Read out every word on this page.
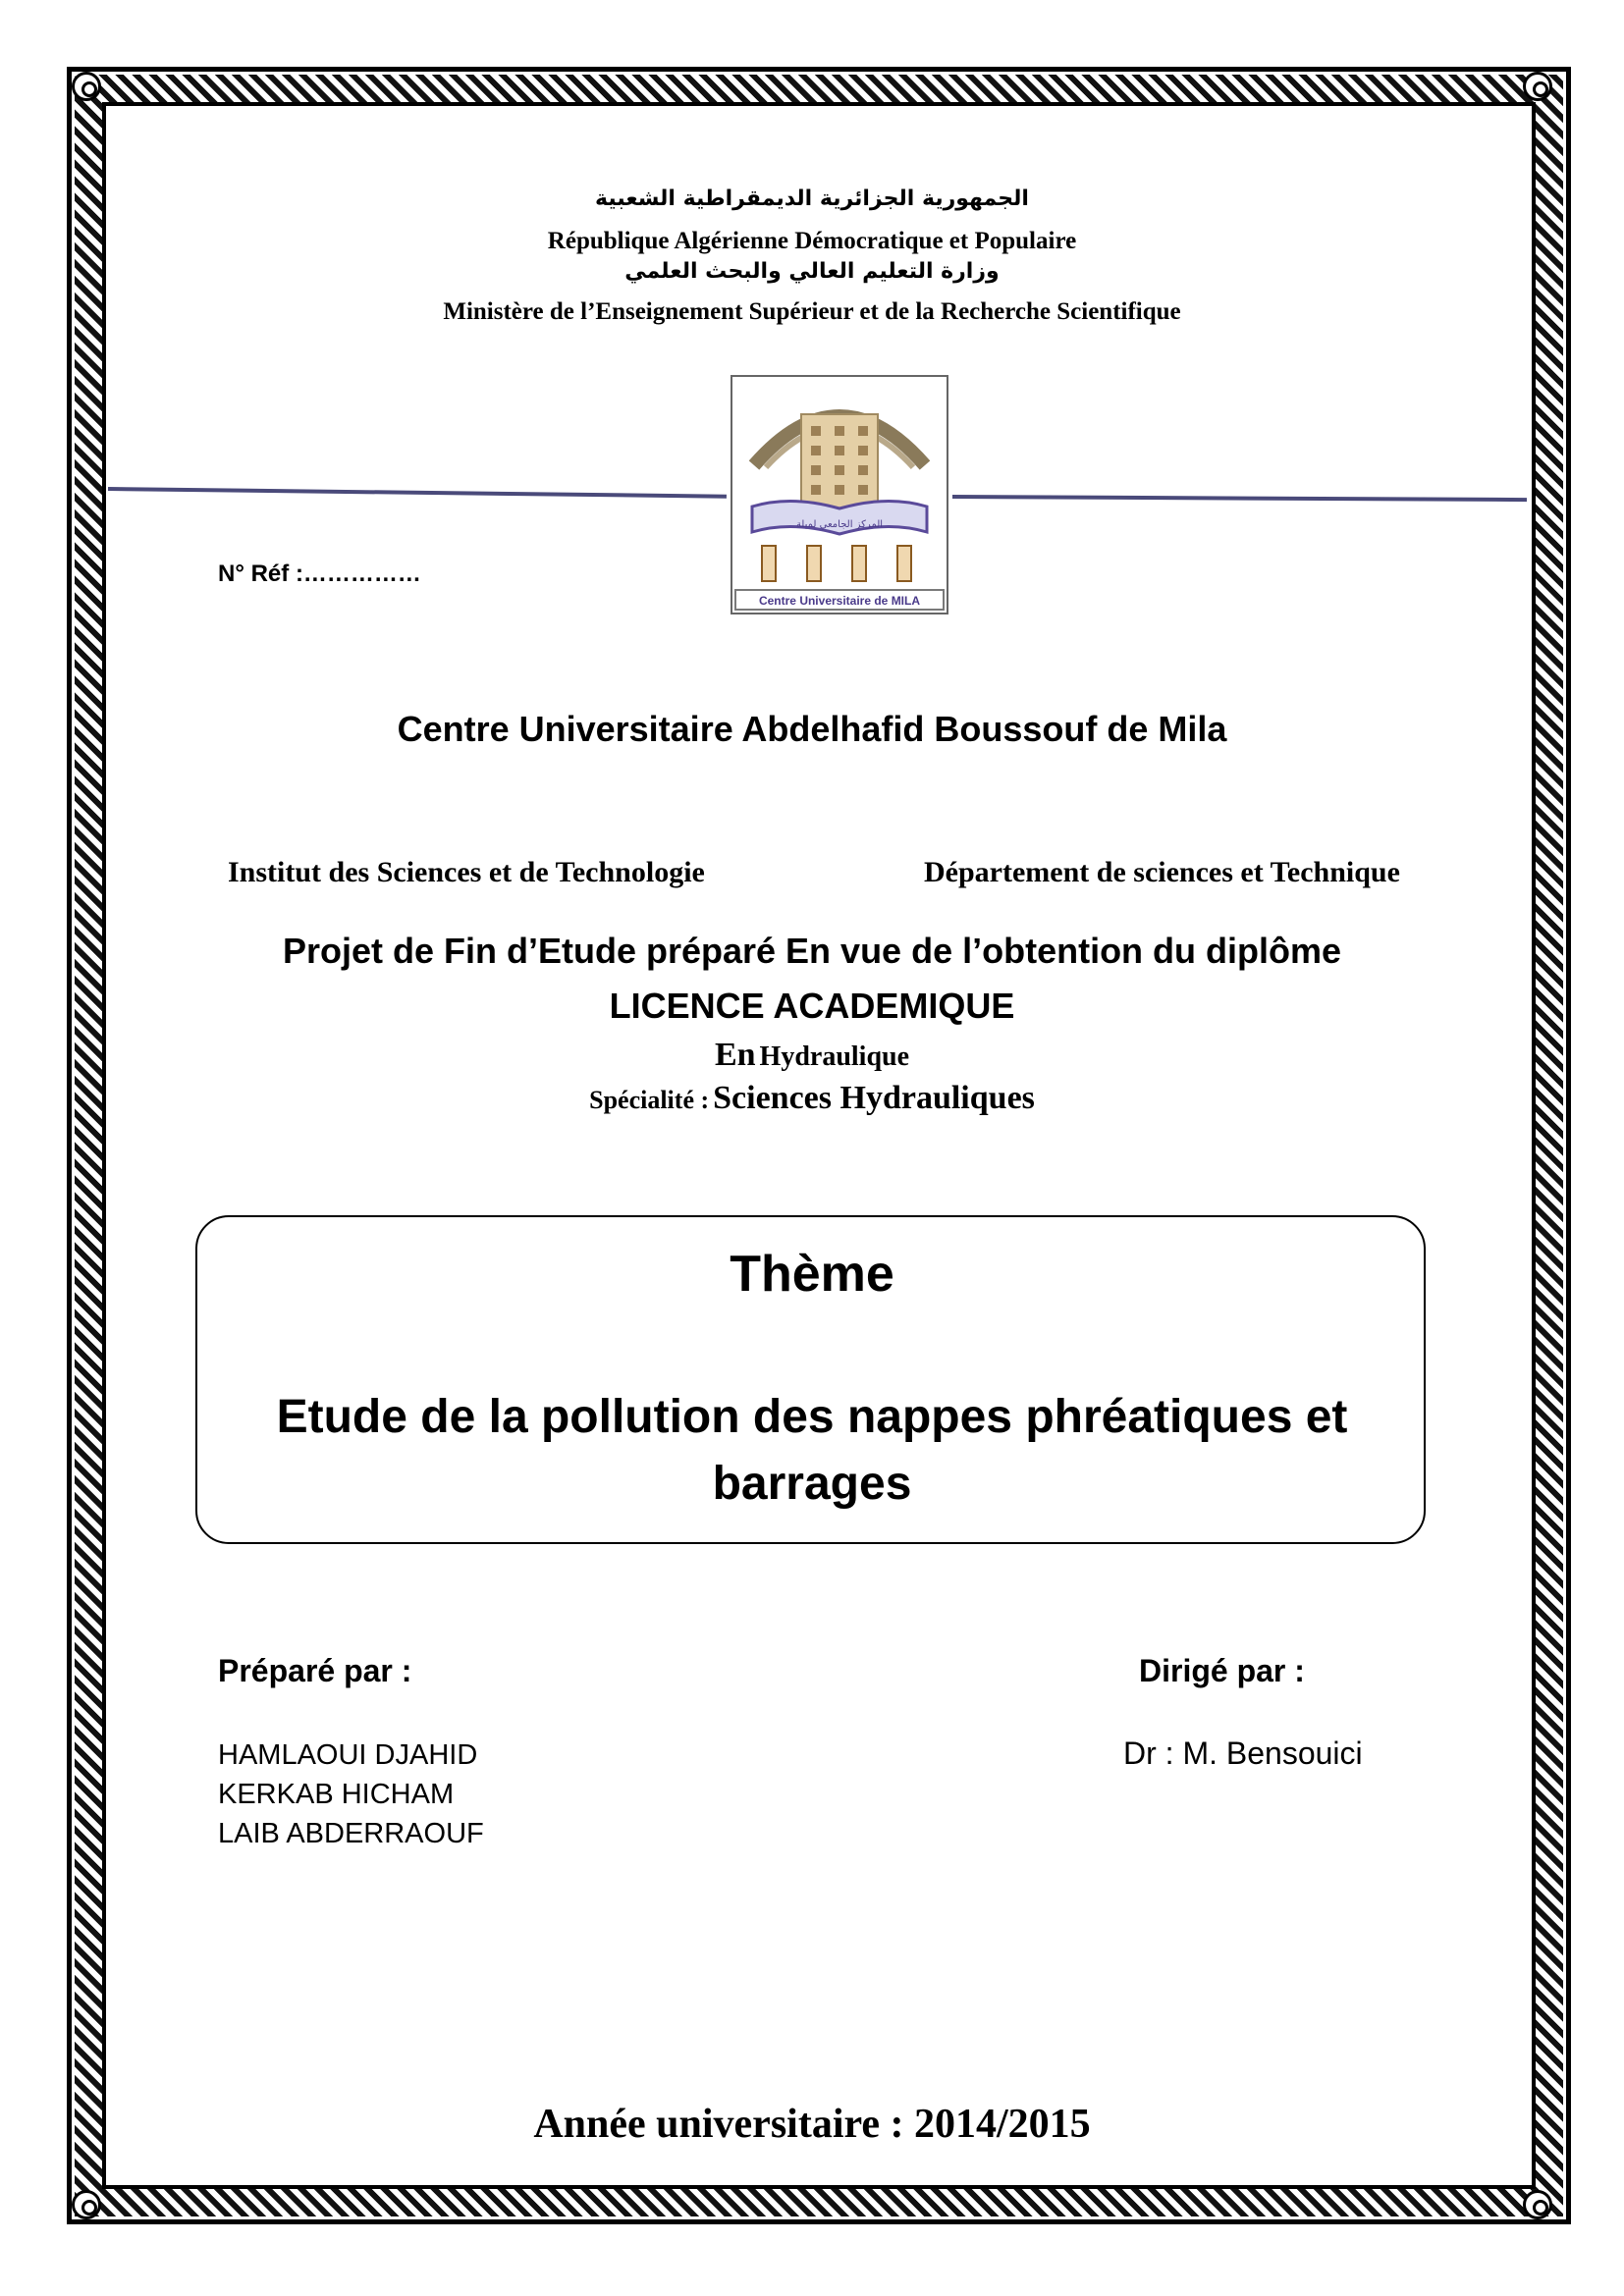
الجمهورية الجزائرية الديمقراطية الشعبية
République Algérienne Démocratique et Populaire
وزارة التعليم العالي والبحث العلمي
Ministère de l’Enseignement Supérieur et de la Recherche Scientifique
المركز الجامعي لميلة
Centre Universitaire de MILA
N° Réf :……………
Centre Universitaire Abdelhafid Boussouf de Mila
Institut des Sciences et de Technologie	Département de sciences et Technique
Projet de Fin d’Etude préparé En vue de l’obtention du diplôme
LICENCE ACADEMIQUE
En Hydraulique
Spécialité : Sciences Hydrauliques
Thème
Etude de la pollution des nappes phréatiques et
barrages
Préparé par :
HAMLAOUI DJAHID
KERKAB HICHAM
LAIB ABDERRAOUF
Dirigé par :
Dr : M. Bensouici
Année universitaire : 2014/2015
